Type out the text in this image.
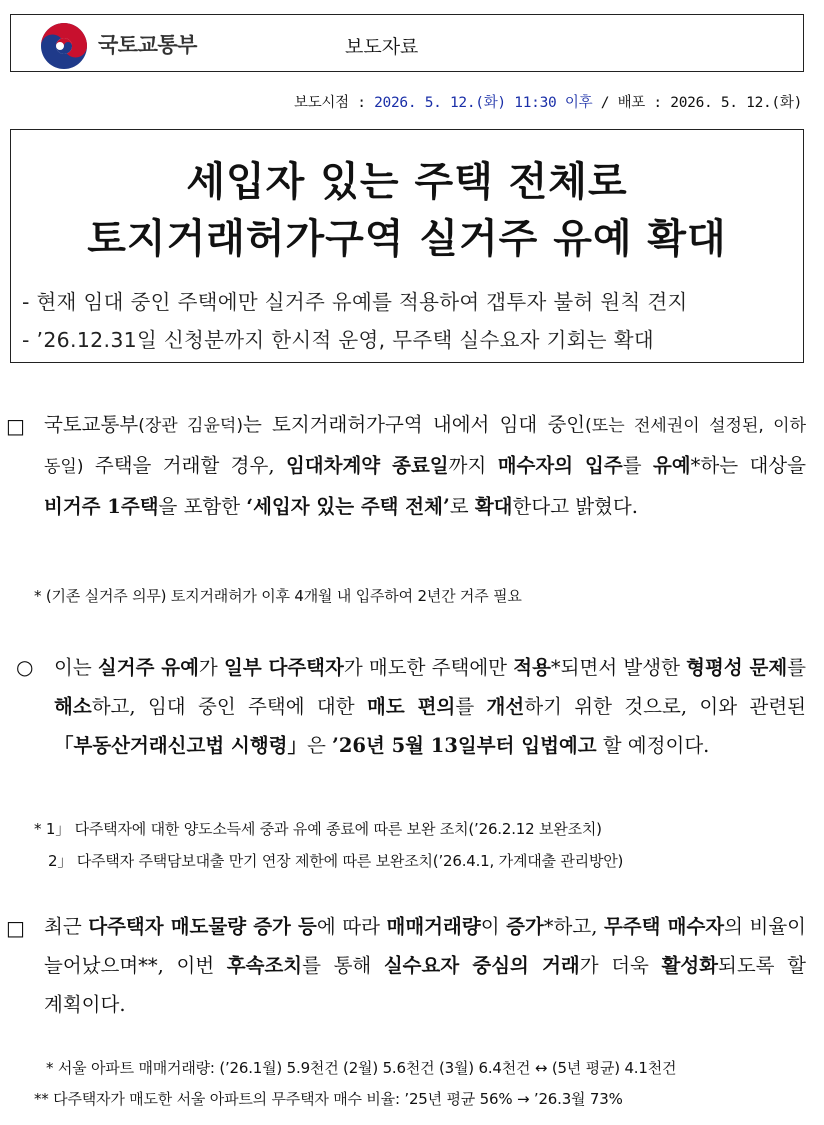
국토교통부	보도자료
보도시점 : 2026. 5. 12.(화) 11:30 이후 / 배포 : 2026. 5. 12.(화)
세입자 있는 주택 전체로
토지거래허가구역 실거주 유예 확대
- 현재 임대 중인 주택에만 실거주 유예를 적용하여 갭투자 불허 원칙 견지
- ’26.12.31일 신청분까지 한시적 운영, 무주택 실수요자 기회는 확대
□ 국토교통부(장관 김윤덕)는 토지거래허가구역 내에서 임대 중인(또는 전세권이 설정된, 이하 동일) 주택을 거래할 경우, 임대차계약 종료일까지 매수자의 입주를 유예*하는 대상을 비거주 1주택을 포함한 ‘세입자 있는 주택 전체’로 확대한다고 밝혔다.
* (기존 실거주 의무) 토지거래허가 이후 4개월 내 입주하여 2년간 거주 필요
○ 이는 실거주 유예가 일부 다주택자가 매도한 주택에만 적용*되면서 발생한 형평성 문제를 해소하고, 임대 중인 주택에 대한 매도 편의를 개선하기 위한 것으로, 이와 관련된 「부동산거래신고법 시행령」은 ’26년 5월 13일부터 입법예고 할 예정이다.
* 1」 다주택자에 대한 양도소득세 중과 유예 종료에 따른 보완 조치(’26.2.12 보완조치)
2」 다주택자 주택담보대출 만기 연장 제한에 따른 보완조치(’26.4.1, 가계대출 관리방안)
□ 최근 다주택자 매도물량 증가 등에 따라 매매거래량이 증가*하고, 무주택 매수자의 비율이 늘어났으며**, 이번 후속조치를 통해 실수요자 중심의 거래가 더욱 활성화되도록 할 계획이다.
* 서울 아파트 매매거래량: (’26.1월) 5.9천건 (2월) 5.6천건 (3월) 6.4천건 ↔ (5년 평균) 4.1천건
** 다주택자가 매도한 서울 아파트의 무주택자 매수 비율: ’25년 평균 56% → ’26.3월 73%
